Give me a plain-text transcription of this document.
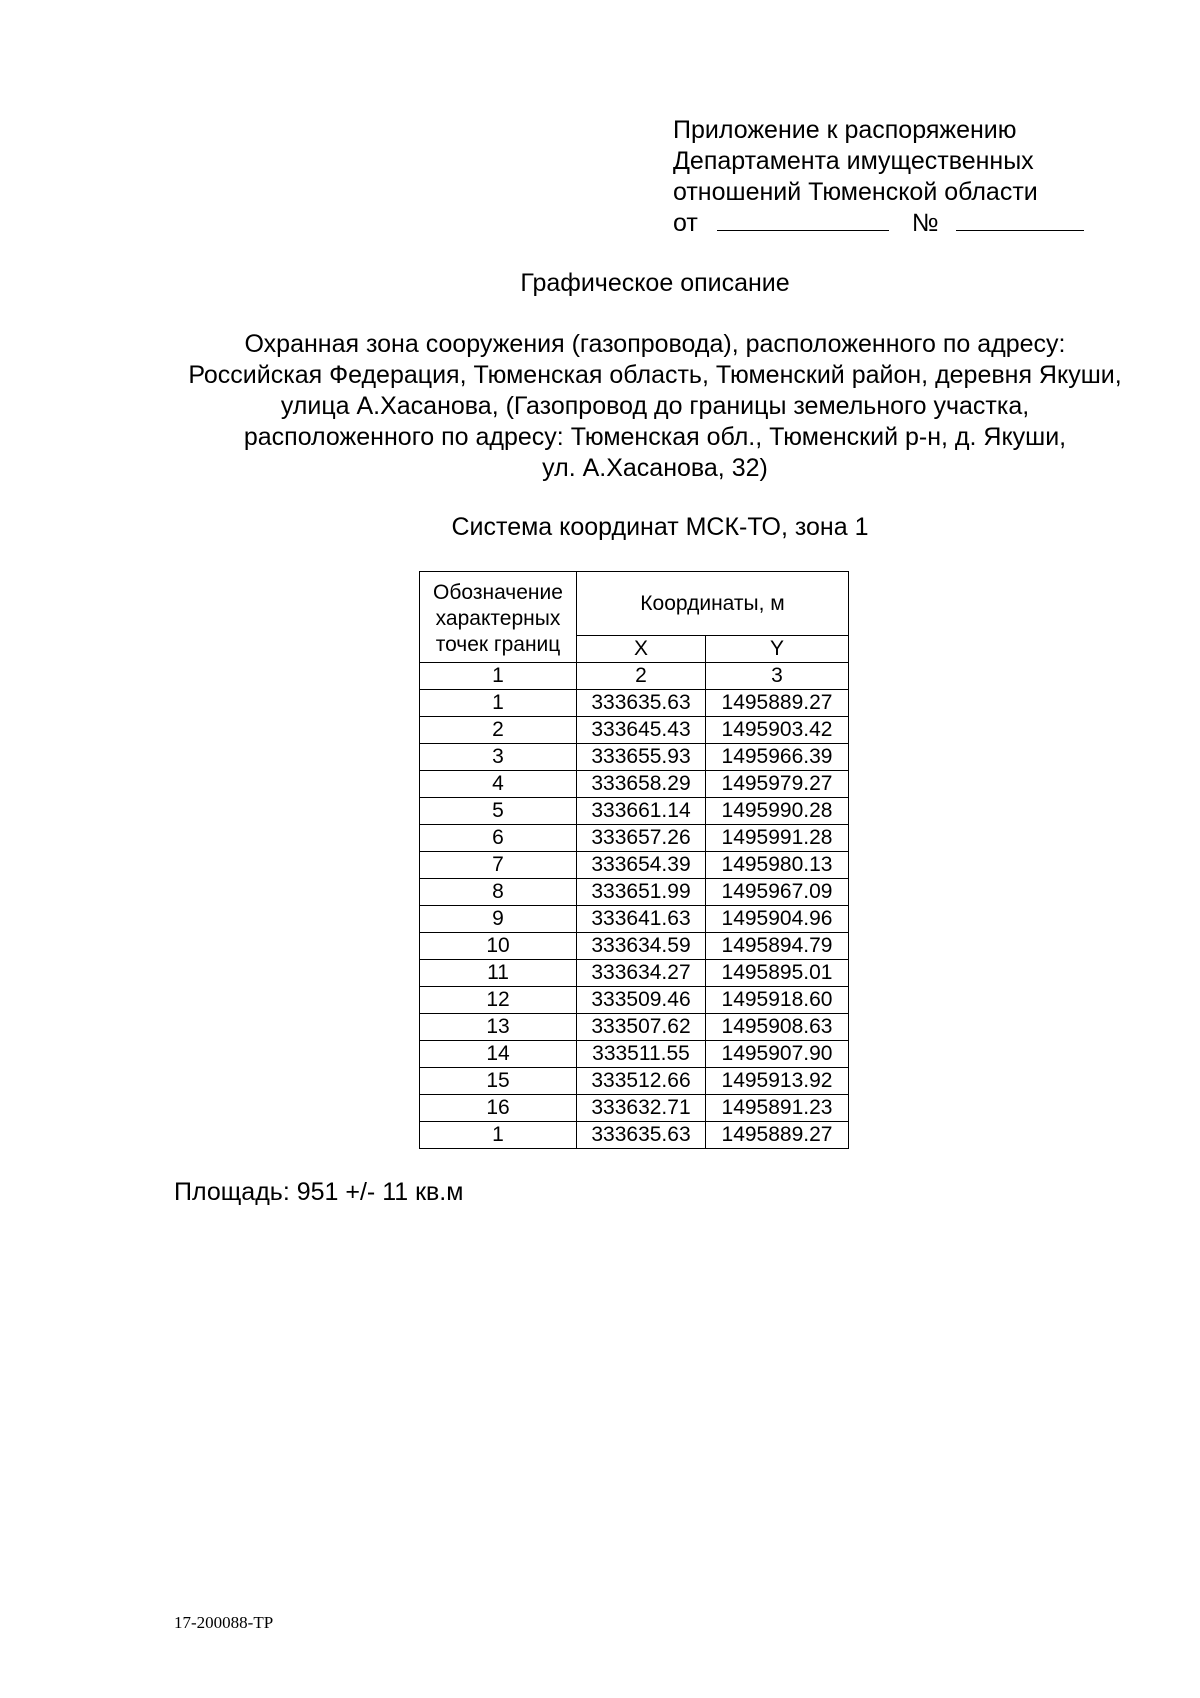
Приложение к распоряжению
Департамента имущественных
отношений Тюменской области
от	№
Графическое описание
Охранная зона сооружения (газопровода), расположенного по адресу:
Российская Федерация, Тюменская область, Тюменский район, деревня Якуши,
улица А.Хасанова, (Газопровод до границы земельного участка,
расположенного по адресу: Тюменская обл., Тюменский р-н, д. Якуши,
ул. А.Хасанова, 32)
Система координат МСК-ТО, зона 1
Обозначение характерных точек границ	Координаты, м	
	X	Y
1	2	3
1	333635.63	1495889.27
2	333645.43	1495903.42
3	333655.93	1495966.39
4	333658.29	1495979.27
5	333661.14	1495990.28
6	333657.26	1495991.28
7	333654.39	1495980.13
8	333651.99	1495967.09
9	333641.63	1495904.96
10	333634.59	1495894.79
11	333634.27	1495895.01
12	333509.46	1495918.60
13	333507.62	1495908.63
14	333511.55	1495907.90
15	333512.66	1495913.92
16	333632.71	1495891.23
1	333635.63	1495889.27
Площадь: 951 +/- 11 кв.м
17-200088-ТР
